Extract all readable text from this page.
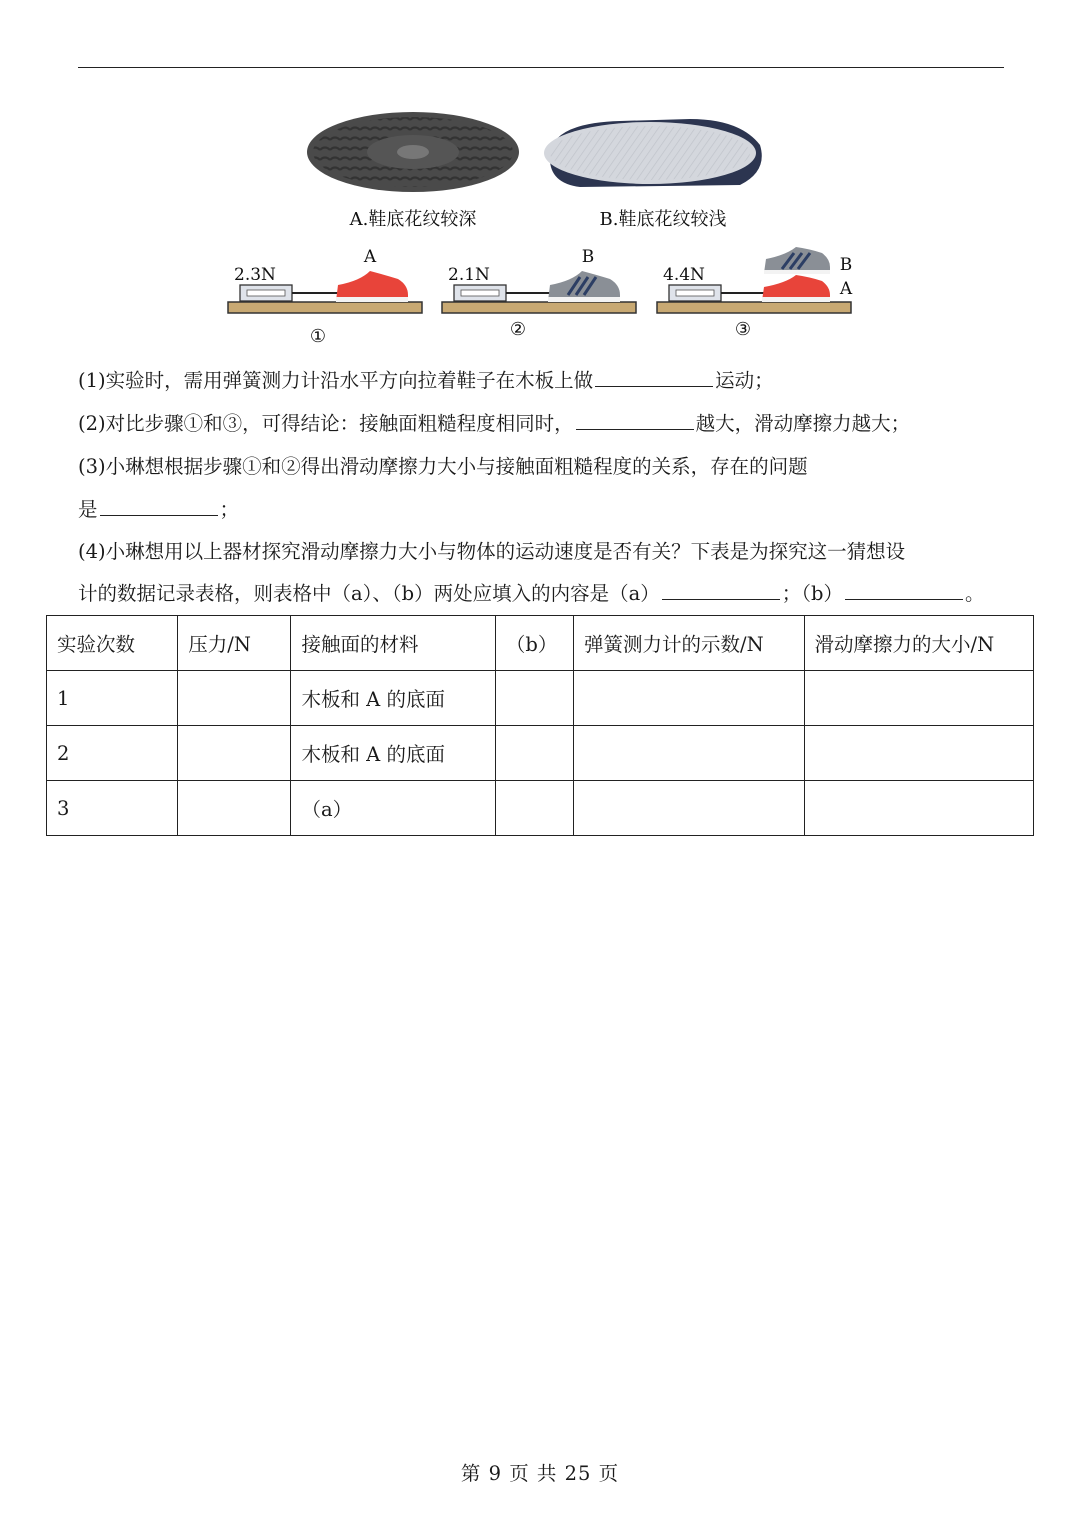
A.鞋底花纹较深	B.鞋底花纹较浅
2.3N
A
①
2.1N
B
②
4.4N	B
A
③
(1)实验时，需用弹簧测力计沿水平方向拉着鞋子在木板上做	运动；
(2)对比步骤①和③，可得结论：接触面粗糙程度相同时，	越大，滑动摩擦力越大；
(3)小琳想根据步骤①和②得出滑动摩擦力大小与接触面粗糙程度的关系，存在的问题
是	；
(4)小琳想用以上器材探究滑动摩擦力大小与物体的运动速度是否有关？下表是为探究这一猜想设
计的数据记录表格，则表格中（a）、（b）两处应填入的内容是（a）	；（b）	。
实验次数	压力/N	接触面的材料	（b）	弹簧测力计的示数/N	滑动摩擦力的大小/N
1		木板和 A 的底面			
2		木板和 A 的底面			
3		（a）			
第 9 页 共 25 页
